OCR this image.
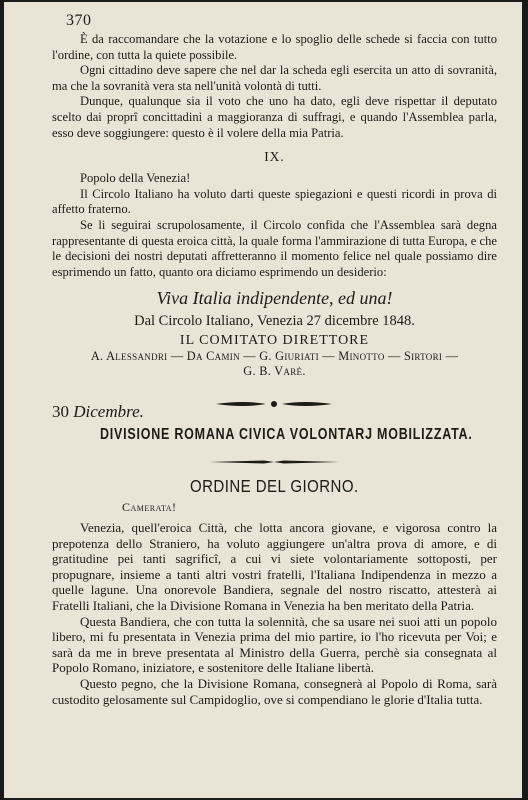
370

È da raccomandare che la votazione e lo spoglio delle schede si faccia con tutto l'ordine, con tutta la quiete possibile.

Ogni cittadino deve sapere che nel dar la scheda egli esercita un atto di sovranità, ma che la sovranità vera sta nell'unità volontà di tutti.

Dunque, qualunque sia il voto che uno ha dato, egli deve rispettar il deputato scelto dai proprî concittadini a maggioranza di suffragi, e quando l'Assemblea parla, esso deve soggiungere: questo è il volere della mia Patria.

IX.

Popolo della Venezia!

Il Circolo Italiano ha voluto darti queste spiegazioni e questi ricordi in prova di affetto fraterno.

Se li seguirai scrupolosamente, il Circolo confida che l'Assemblea sarà degna rappresentante di questa eroica città, la quale forma l'ammirazione di tutta Europa, e che le decisioni dei nostri deputati affretteranno il momento felice nel quale possiamo dire esprimendo un fatto, quanto ora diciamo esprimendo un desiderio:

Viva Italia indipendente, ed una!
Dal Circolo Italiano, Venezia 27 dicembre 1848.
IL COMITATO DIRETTORE
A. Alessandri — Da Camin — G. Giuriati — Minotto — Sirtori —
G. B. Varè.
30 Dicembre.
DIVISIONE ROMANA CIVICA VOLONTARJ MOBILIZZATA.
ORDINE DEL GIORNO.
Camerata!

Venezia, quell'eroica Città, che lotta ancora giovane, e vigorosa contro la prepotenza dello Straniero, ha voluto aggiungere un'altra prova di amore, e di gratitudine pei tanti sagrificî, a cui vi siete volontariamente sottoposti, per propugnare, insieme a tanti altri vostri fratelli, l'Italiana Indipendenza in mezzo a quelle lagune. Una onorevole Bandiera, segnale del nostro riscatto, attesterà ai Fratelli Italiani, che la Divisione Romana in Venezia ha ben meritato della Patria.

Questa Bandiera, che con tutta la solennità, che sa usare nei suoi atti un popolo libero, mi fu presentata in Venezia prima del mio partire, io l'ho ricevuta per Voi; e sarà da me in breve presentata al Ministro della Guerra, perchè sia consegnata al Popolo Romano, iniziatore, e sostenitore delle Italiane libertà.

Questo pegno, che la Divisione Romana, consegnerà al Popolo di Roma, sarà custodito gelosamente sul Campidoglio, ove si compendiano le glorie d'Italia tutta.
